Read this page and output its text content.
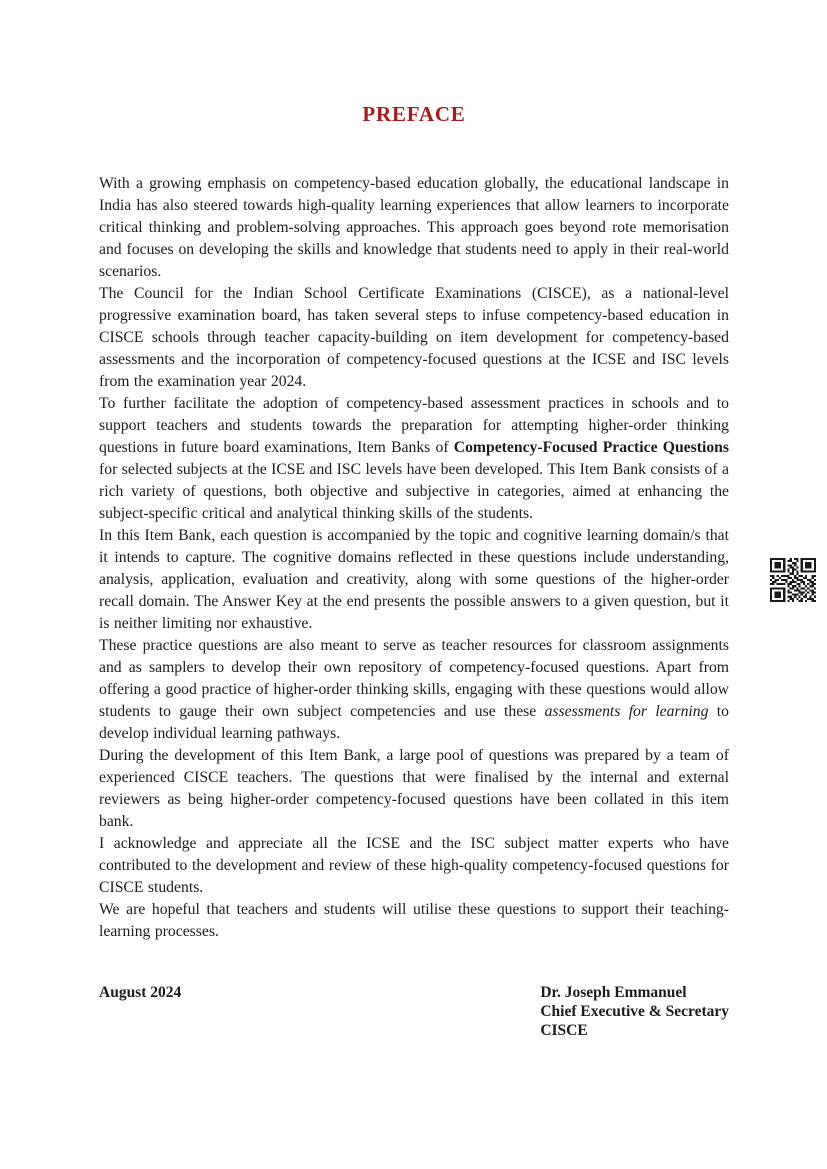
PREFACE

With a growing emphasis on competency-based education globally, the educational landscape in India has also steered towards high-quality learning experiences that allow learners to incorporate critical thinking and problem-solving approaches. This approach goes beyond rote memorisation and focuses on developing the skills and knowledge that students need to apply in their real-world scenarios.

The Council for the Indian School Certificate Examinations (CISCE), as a national-level progressive examination board, has taken several steps to infuse competency-based education in CISCE schools through teacher capacity-building on item development for competency-based assessments and the incorporation of competency-focused questions at the ICSE and ISC levels from the examination year 2024.

To further facilitate the adoption of competency-based assessment practices in schools and to support teachers and students towards the preparation for attempting higher-order thinking questions in future board examinations, Item Banks of Competency-Focused Practice Questions for selected subjects at the ICSE and ISC levels have been developed. This Item Bank consists of a rich variety of questions, both objective and subjective in categories, aimed at enhancing the subject-specific critical and analytical thinking skills of the students.

In this Item Bank, each question is accompanied by the topic and cognitive learning domain/s that it intends to capture. The cognitive domains reflected in these questions include understanding, analysis, application, evaluation and creativity, along with some questions of the higher-order recall domain. The Answer Key at the end presents the possible answers to a given question, but it is neither limiting nor exhaustive.

These practice questions are also meant to serve as teacher resources for classroom assignments and as samplers to develop their own repository of competency-focused questions. Apart from offering a good practice of higher-order thinking skills, engaging with these questions would allow students to gauge their own subject competencies and use these assessments for learning to develop individual learning pathways.

During the development of this Item Bank, a large pool of questions was prepared by a team of experienced CISCE teachers. The questions that were finalised by the internal and external reviewers as being higher-order competency-focused questions have been collated in this item bank.

I acknowledge and appreciate all the ICSE and the ISC subject matter experts who have contributed to the development and review of these high-quality competency-focused questions for CISCE students.

We are hopeful that teachers and students will utilise these questions to support their teaching-learning processes.

August 2024	Dr. Joseph Emmanuel
Chief Executive & Secretary
CISCE
